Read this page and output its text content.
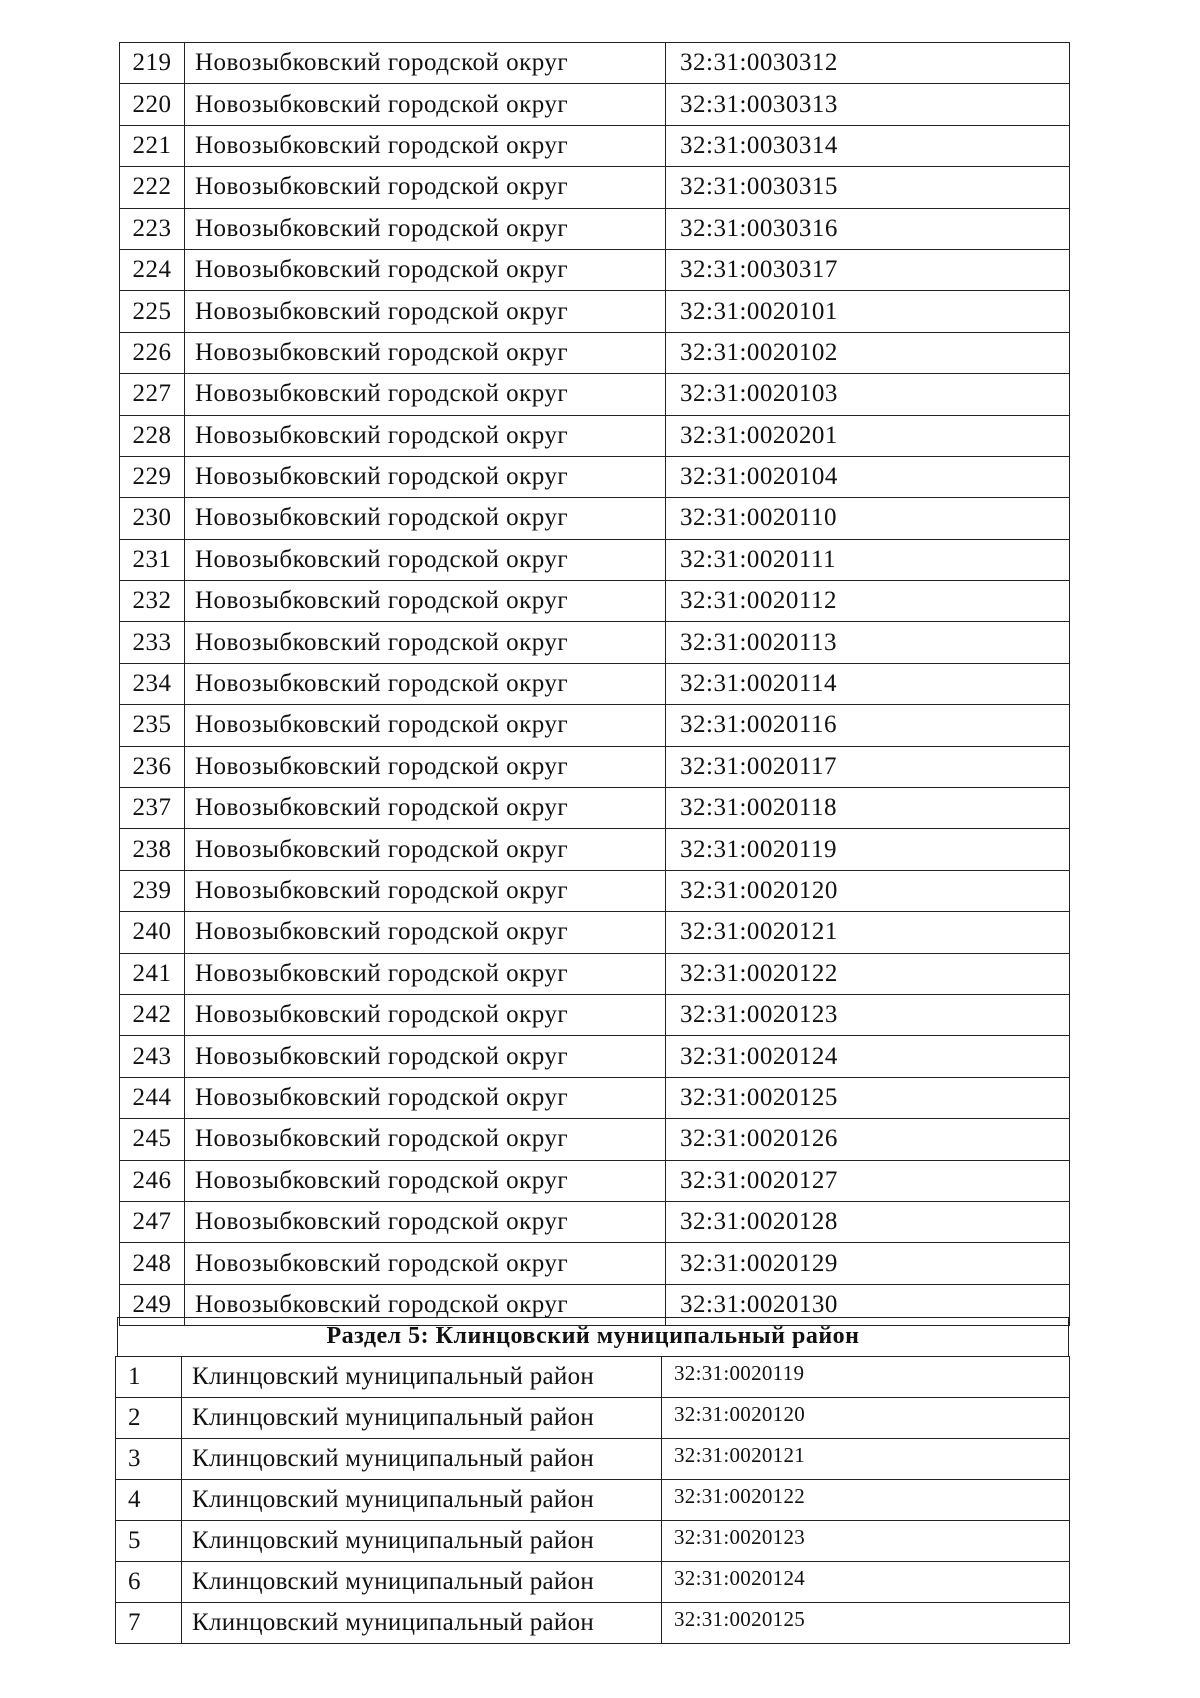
219	Новозыбковский городской округ	32:31:0030312
220	Новозыбковский городской округ	32:31:0030313
221	Новозыбковский городской округ	32:31:0030314
222	Новозыбковский городской округ	32:31:0030315
223	Новозыбковский городской округ	32:31:0030316
224	Новозыбковский городской округ	32:31:0030317
225	Новозыбковский городской округ	32:31:0020101
226	Новозыбковский городской округ	32:31:0020102
227	Новозыбковский городской округ	32:31:0020103
228	Новозыбковский городской округ	32:31:0020201
229	Новозыбковский городской округ	32:31:0020104
230	Новозыбковский городской округ	32:31:0020110
231	Новозыбковский городской округ	32:31:0020111
232	Новозыбковский городской округ	32:31:0020112
233	Новозыбковский городской округ	32:31:0020113
234	Новозыбковский городской округ	32:31:0020114
235	Новозыбковский городской округ	32:31:0020116
236	Новозыбковский городской округ	32:31:0020117
237	Новозыбковский городской округ	32:31:0020118
238	Новозыбковский городской округ	32:31:0020119
239	Новозыбковский городской округ	32:31:0020120
240	Новозыбковский городской округ	32:31:0020121
241	Новозыбковский городской округ	32:31:0020122
242	Новозыбковский городской округ	32:31:0020123
243	Новозыбковский городской округ	32:31:0020124
244	Новозыбковский городской округ	32:31:0020125
245	Новозыбковский городской округ	32:31:0020126
246	Новозыбковский городской округ	32:31:0020127
247	Новозыбковский городской округ	32:31:0020128
248	Новозыбковский городской округ	32:31:0020129
249	Новозыбковский городской округ	32:31:0020130
Раздел 5: Клинцовский муниципальный район
1	Клинцовский муниципальный район	32:31:0020119
2	Клинцовский муниципальный район	32:31:0020120
3	Клинцовский муниципальный район	32:31:0020121
4	Клинцовский муниципальный район	32:31:0020122
5	Клинцовский муниципальный район	32:31:0020123
6	Клинцовский муниципальный район	32:31:0020124
7	Клинцовский муниципальный район	32:31:0020125
